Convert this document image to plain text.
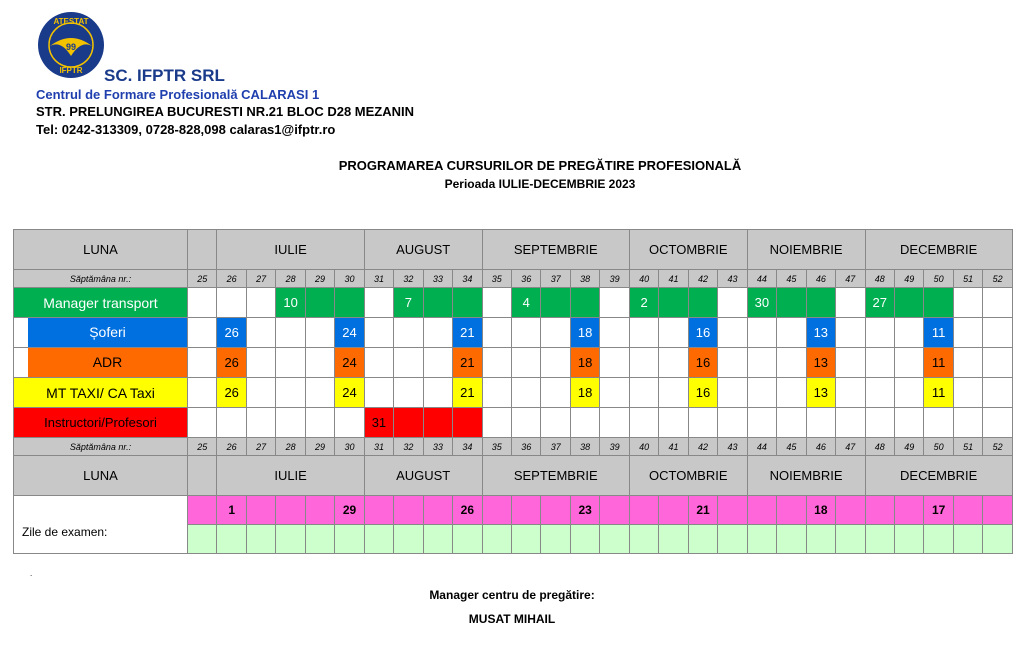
ATESTAT
99
IFPTR SC. IFPTR SRL
Centrul de Formare Profesională CALARASI 1
STR. PRELUNGIREA BUCURESTI NR.21 BLOC D28 MEZANIN
Tel: 0242-313309, 0728-828,098 calaras1@ifptr.ro
PROGRAMAREA CURSURILOR DE PREGĂTIRE PROFESIONALĂ
Perioada IULIE-DECEMBRIE 2023
LUNA		IULIE					AUGUST				SEPTEMBRIE					OCTOMBRIE				NOIEMBRIE				DECEMBRIE				
Săptămâna nr.:	25	26	27	28	29	30	31	32	33	34	35	36	37	38	39	40	41	42	43	44	45	46	47	48	49	50	51	52
Manager transport				10				7				4				2				30				27				

Șoferi		26				24				21				18				16				13				11		

ADR		26				24				21				18				16				13				11		
MT TAXI/ CA Taxi		26				24				21				18				16				13				11		
Instructori/Profesori							31																					
Săptămâna nr.:	25	26	27	28	29	30	31	32	33	34	35	36	37	38	39	40	41	42	43	44	45	46	47	48	49	50	51	52
LUNA		IULIE					AUGUST				SEPTEMBRIE					OCTOMBRIE				NOIEMBRIE				DECEMBRIE				
Zile de examen:		1				29				26				23				21				18				17		

.
Manager centru de pregătire:
MUSAT MIHAIL
